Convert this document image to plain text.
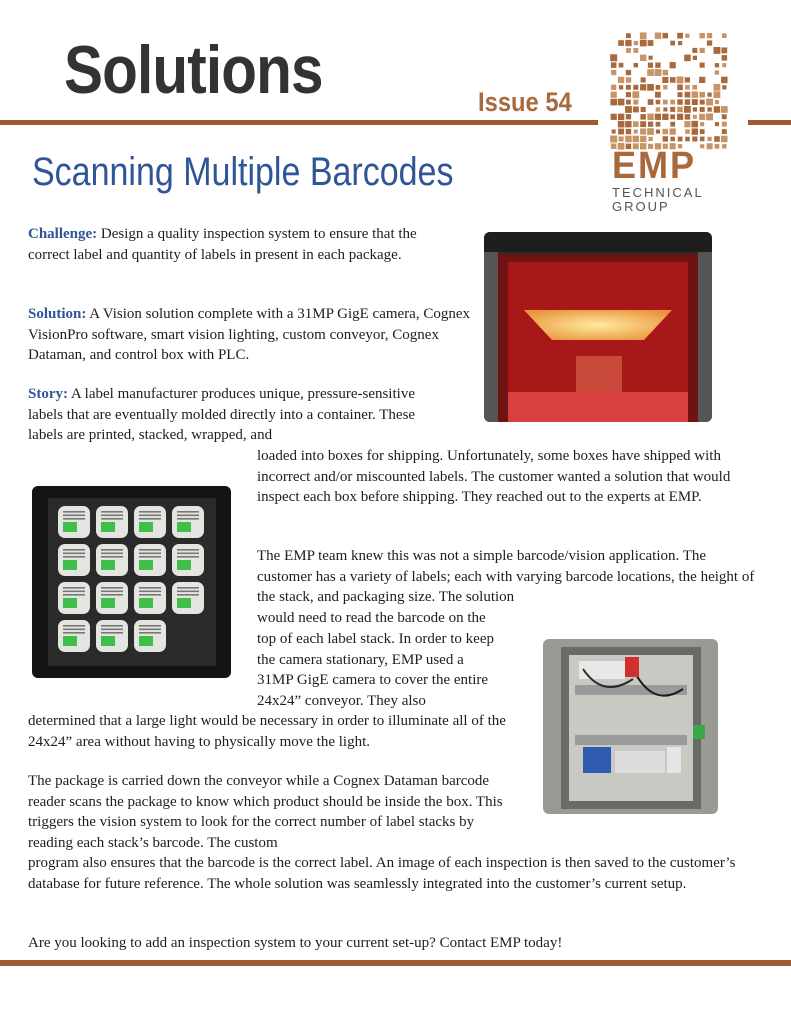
Solutions	Issue 54
Scanning Multiple Barcodes	EMP
TECHNICAL
GROUP

Challenge: Design a quality inspection system to ensure that the correct label and quantity of labels in present in each package.

Solution: A Vision solution complete with a 31MP GigE camera, Cognex VisionPro software, smart vision lighting, custom conveyor, Cognex Dataman, and control box with PLC.

Story: A label manufacturer produces unique, pressure-sensitive labels that are eventually molded directly into a container. These labels are printed, stacked, wrapped, and

loaded into boxes for shipping. Unfortunately, some boxes have shipped with incorrect and/or miscounted labels. The customer wanted a solution that would inspect each box before shipping. They reached out to the experts at EMP.

The EMP team knew this was not a simple barcode/vision application. The customer has a variety of labels; each with varying barcode locations, the height of the stack, and packaging size. The solution

would need to read the barcode on the

top of each label stack. In order to keep the camera stationary, EMP used a 31MP GigE camera to cover the entire 24x24” conveyor. They also

determined that a large light would be necessary in order to illuminate all of the 24x24” area without having to physically move the light.

The package is carried down the conveyor while a Cognex Dataman barcode reader scans the package to know which product should be inside the box. This triggers the vision system to look for the correct number of label stacks by reading each stack’s barcode. The custom

program also ensures that the barcode is the correct label. An image of each inspection is then saved to the customer’s database for future reference. The whole solution was seamlessly integrated into the customer’s current setup.

Are you looking to add an inspection system to your current set-up? Contact EMP today!
